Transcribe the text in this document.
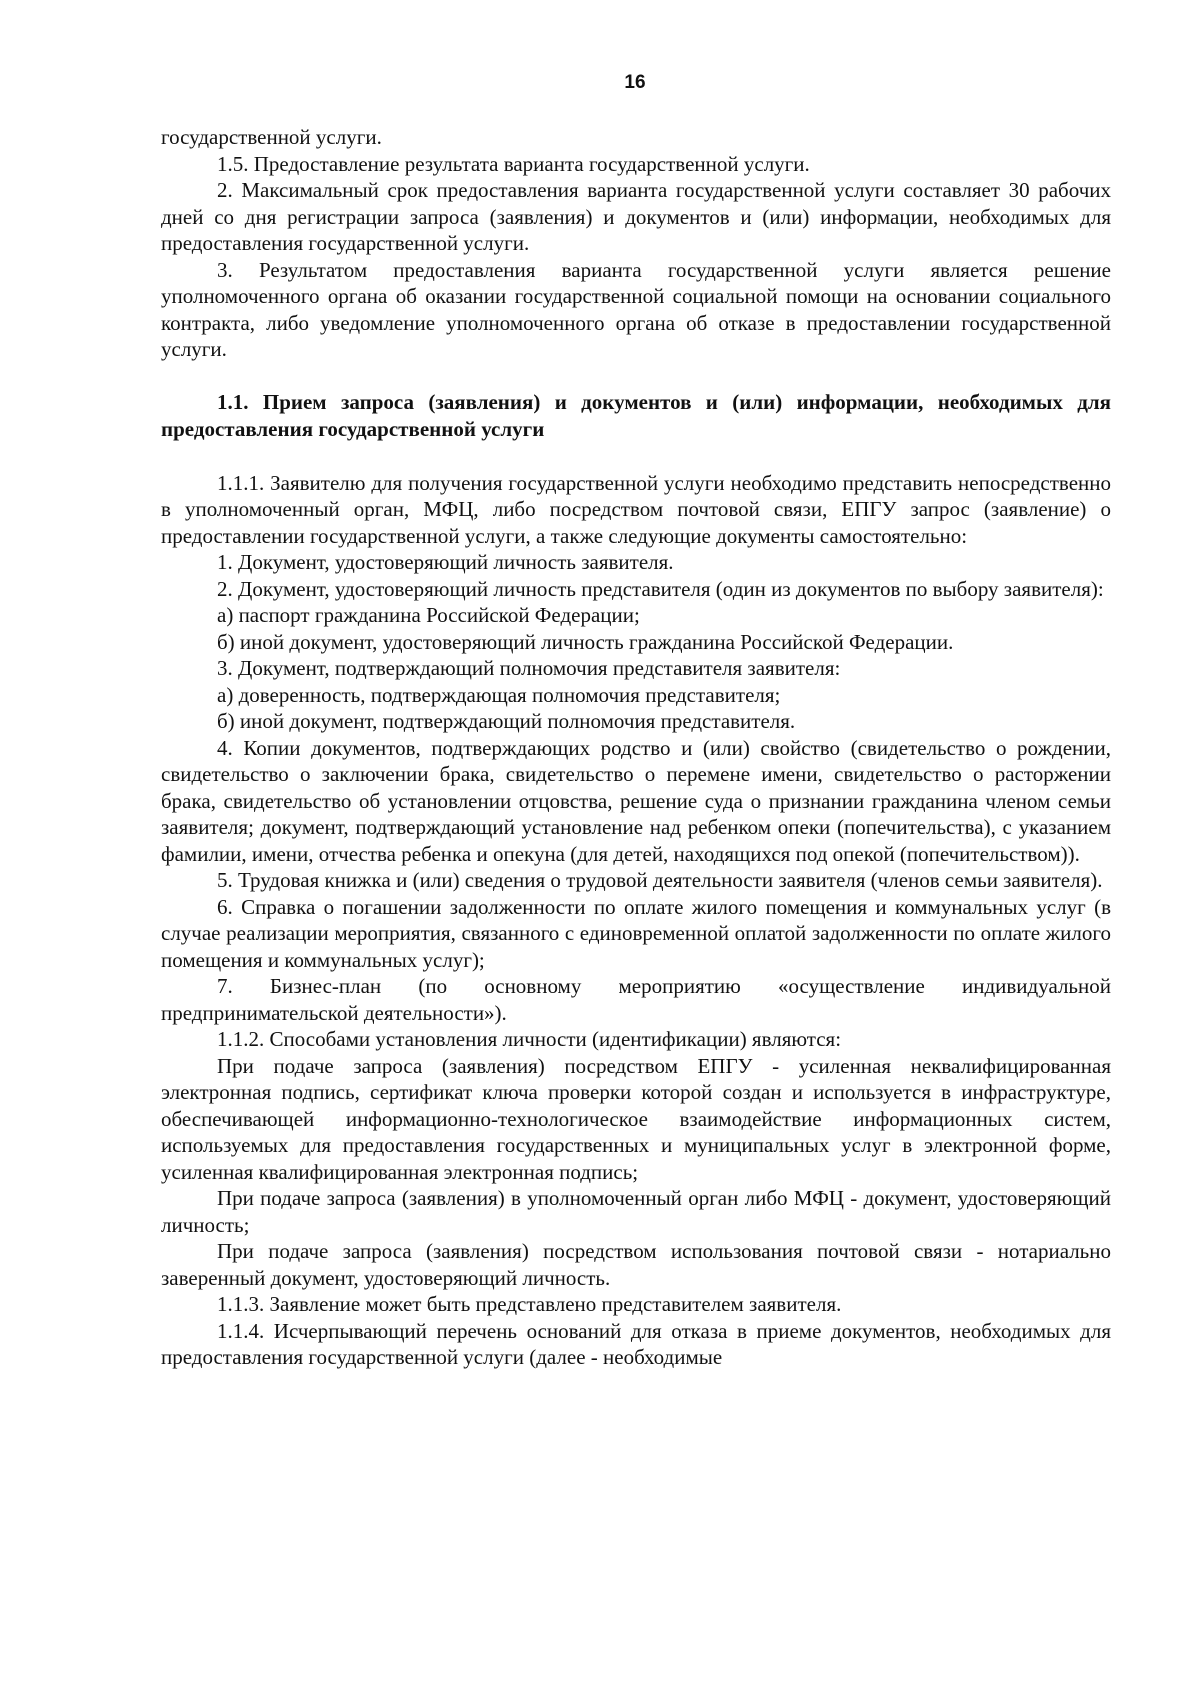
16

государственной услуги.

1.5. Предоставление результата варианта государственной услуги.

2. Максимальный срок предоставления варианта государственной услуги составляет 30 рабочих дней со дня регистрации запроса (заявления) и документов и (или) информации, необходимых для предоставления государственной услуги.

3. Результатом предоставления варианта государственной услуги является решение уполномоченного органа об оказании государственной социальной помощи на основании социального контракта, либо уведомление уполномоченного органа об отказе в предоставлении государственной услуги.

1.1. Прием запроса (заявления) и документов и (или) информации, необходимых для предоставления государственной услуги

1.1.1. Заявителю для получения государственной услуги необходимо представить непосредственно в уполномоченный орган, МФЦ, либо посредством почтовой связи, ЕПГУ запрос (заявление) о предоставлении государственной услуги, а также следующие документы самостоятельно:

1. Документ, удостоверяющий личность заявителя.

2. Документ, удостоверяющий личность представителя (один из документов по выбору заявителя):

а) паспорт гражданина Российской Федерации;

б) иной документ, удостоверяющий личность гражданина Российской Федерации.

3. Документ, подтверждающий полномочия представителя заявителя:

а) доверенность, подтверждающая полномочия представителя;

б) иной документ, подтверждающий полномочия представителя.

4. Копии документов, подтверждающих родство и (или) свойство (свидетельство о рождении, свидетельство о заключении брака, свидетельство о перемене имени, свидетельство о расторжении брака, свидетельство об установлении отцовства, решение суда о признании гражданина членом семьи заявителя; документ, подтверждающий установление над ребенком опеки (попечительства), с указанием фамилии, имени, отчества ребенка и опекуна (для детей, находящихся под опекой (попечительством)).

5. Трудовая книжка и (или) сведения о трудовой деятельности заявителя (членов семьи заявителя).

6. Справка о погашении задолженности по оплате жилого помещения и коммунальных услуг (в случае реализации мероприятия, связанного с единовременной оплатой задолженности по оплате жилого помещения и коммунальных услуг);

7. Бизнес-план (по основному мероприятию «осуществление индивидуальной предпринимательской деятельности»).

1.1.2. Способами установления личности (идентификации) являются:

При подаче запроса (заявления) посредством ЕПГУ - усиленная неквалифицированная электронная подпись, сертификат ключа проверки которой создан и используется в инфраструктуре, обеспечивающей информационно-технологическое взаимодействие информационных систем, используемых для предоставления государственных и муниципальных услуг в электронной форме, усиленная квалифицированная электронная подпись;

При подаче запроса (заявления) в уполномоченный орган либо МФЦ - документ, удостоверяющий личность;

При подаче запроса (заявления) посредством использования почтовой связи - нотариально заверенный документ, удостоверяющий личность.

1.1.3. Заявление может быть представлено представителем заявителя.

1.1.4. Исчерпывающий перечень оснований для отказа в приеме документов, необходимых для предоставления государственной услуги (далее - необходимые
